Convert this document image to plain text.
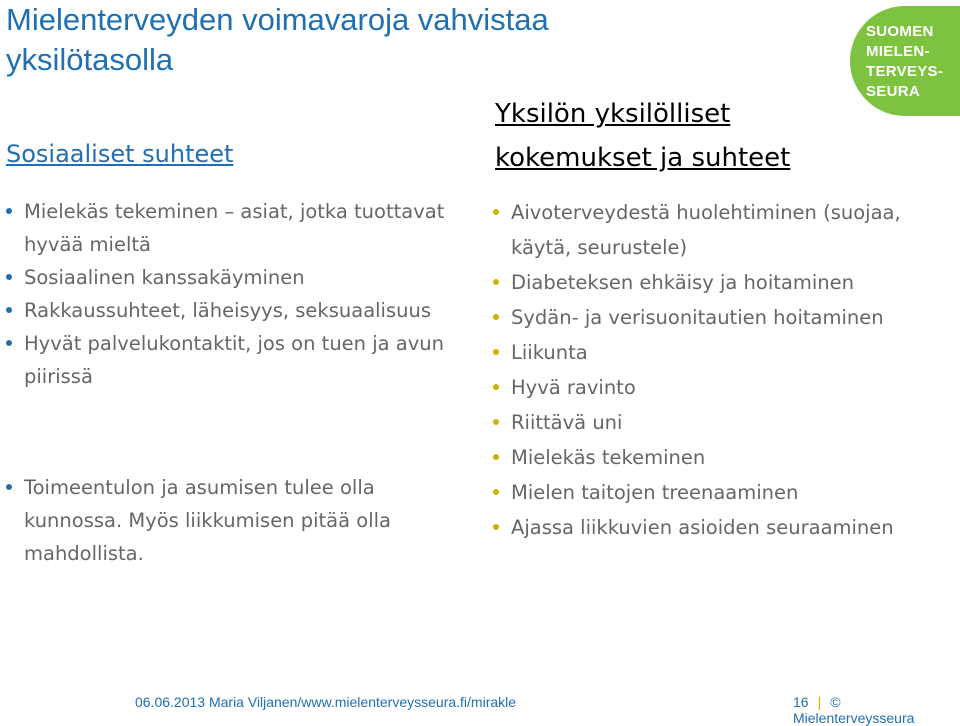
Mielenterveyden voimavaroja vahvistaa
yksilötasolla
SUOMEN
MIELEN-
TERVEYS-
SEURA
Yksilön yksilölliset
kokemukset ja suhteet
Sosiaaliset suhteet
Mielekäs tekeminen – asiat, jotka tuottavat hyvää mieltä
Sosiaalinen kanssakäyminen
Rakkaussuhteet, läheisyys, seksuaalisuus
Hyvät palvelukontaktit, jos on tuen ja avun piirissä
Toimeentulon ja asumisen tulee olla kunnossa. Myös liikkumisen pitää olla mahdollista.
Aivoterveydestä huolehtiminen (suojaa, käytä, seurustele)
Diabeteksen ehkäisy ja hoitaminen
Sydän- ja verisuonitautien hoitaminen
Liikunta
Hyvä ravinto
Riittävä uni
Mielekäs tekeminen
Mielen taitojen treenaaminen
Ajassa liikkuvien asioiden seuraaminen
06.06.2013 Maria Viljanen/www.mielenterveysseura.fi/mirakle	16 | © Mielenterveysseura
